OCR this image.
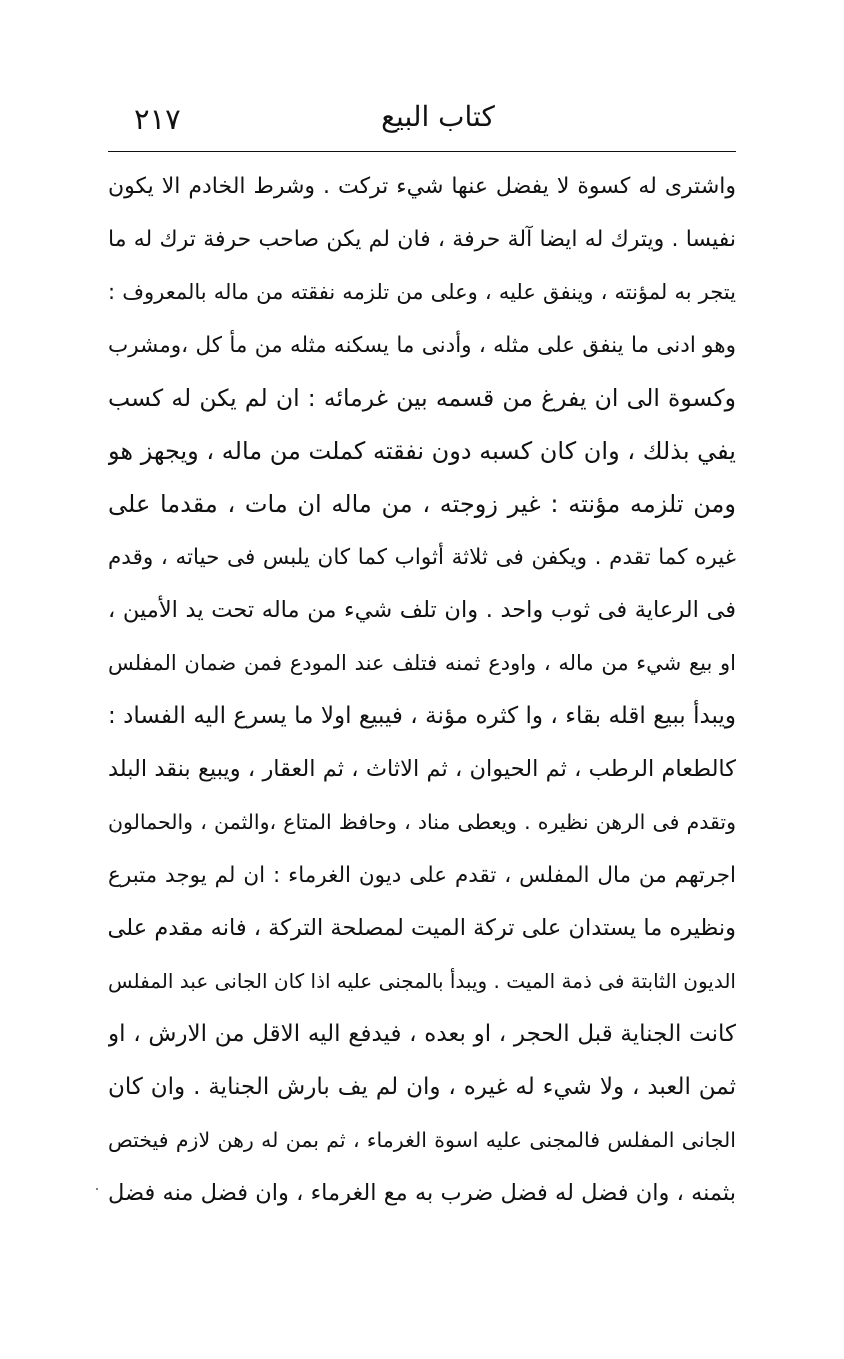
٢١٧	كتاب البيع
واشترى له كسوة لا يفضل عنها شيء تركت . وشرط الخادم الا يكون
نفيسا . ويترك له ايضا آلة حرفة ، فان لم يكن صاحب حرفة ترك له ما
يتجر به لمؤنته ، وينفق عليه ، وعلى من تلزمه نفقته من ماله بالمعروف :
وهو ادنى ما ينفق على مثله ، وأدنى ما يسكنه مثله من مأ كل ،ومشرب
وكسوة الى ان يفرغ من قسمه بين غرمائه : ان لم يكن له كسب
يفي بذلك ، وان كان كسبه دون نفقته كملت من ماله ، ويجهز هو
ومن تلزمه مؤنته : غير زوجته ، من ماله ان مات ، مقدما على
غيره كما تقدم . ويكفن فى ثلاثة أثواب كما كان يلبس فى حياته ، وقدم
فى الرعاية فى ثوب واحد . وان تلف شيء من ماله تحت يد الأمين ،
او بيع شيء من ماله ، واودع ثمنه فتلف عند المودع فمن ضمان المفلس
ويبدأ ببيع اقله بقاء ، وا كثره مؤنة ، فيبيع اولا ما يسرع اليه الفساد :
كالطعام الرطب ، ثم الحيوان ، ثم الاثاث ، ثم العقار ، ويبيع بنقد البلد
وتقدم فى الرهن نظيره . ويعطى مناد ، وحافظ المتاع ،والثمن ، والحمالون
اجرتهم من مال المفلس ، تقدم على ديون الغرماء : ان لم يوجد متبرع
ونظيره ما يستدان على تركة الميت لمصلحة التركة ، فانه مقدم على
الديون الثابتة فى ذمة الميت . ويبدأ بالمجنى عليه اذا كان الجانى عبد المفلس
كانت الجناية قبل الحجر ، او بعده ، فيدفع اليه الاقل من الارش ، او
ثمن العبد ، ولا شيء له غيره ، وان لم يف بارش الجناية . وان كان
الجانى المفلس فالمجنى عليه اسوة الغرماء ، ثم بمن له رهن لازم فيختص
بثمنه ، وان فضل له فضل ضرب به مع الغرماء ، وان فضل منه فضل
